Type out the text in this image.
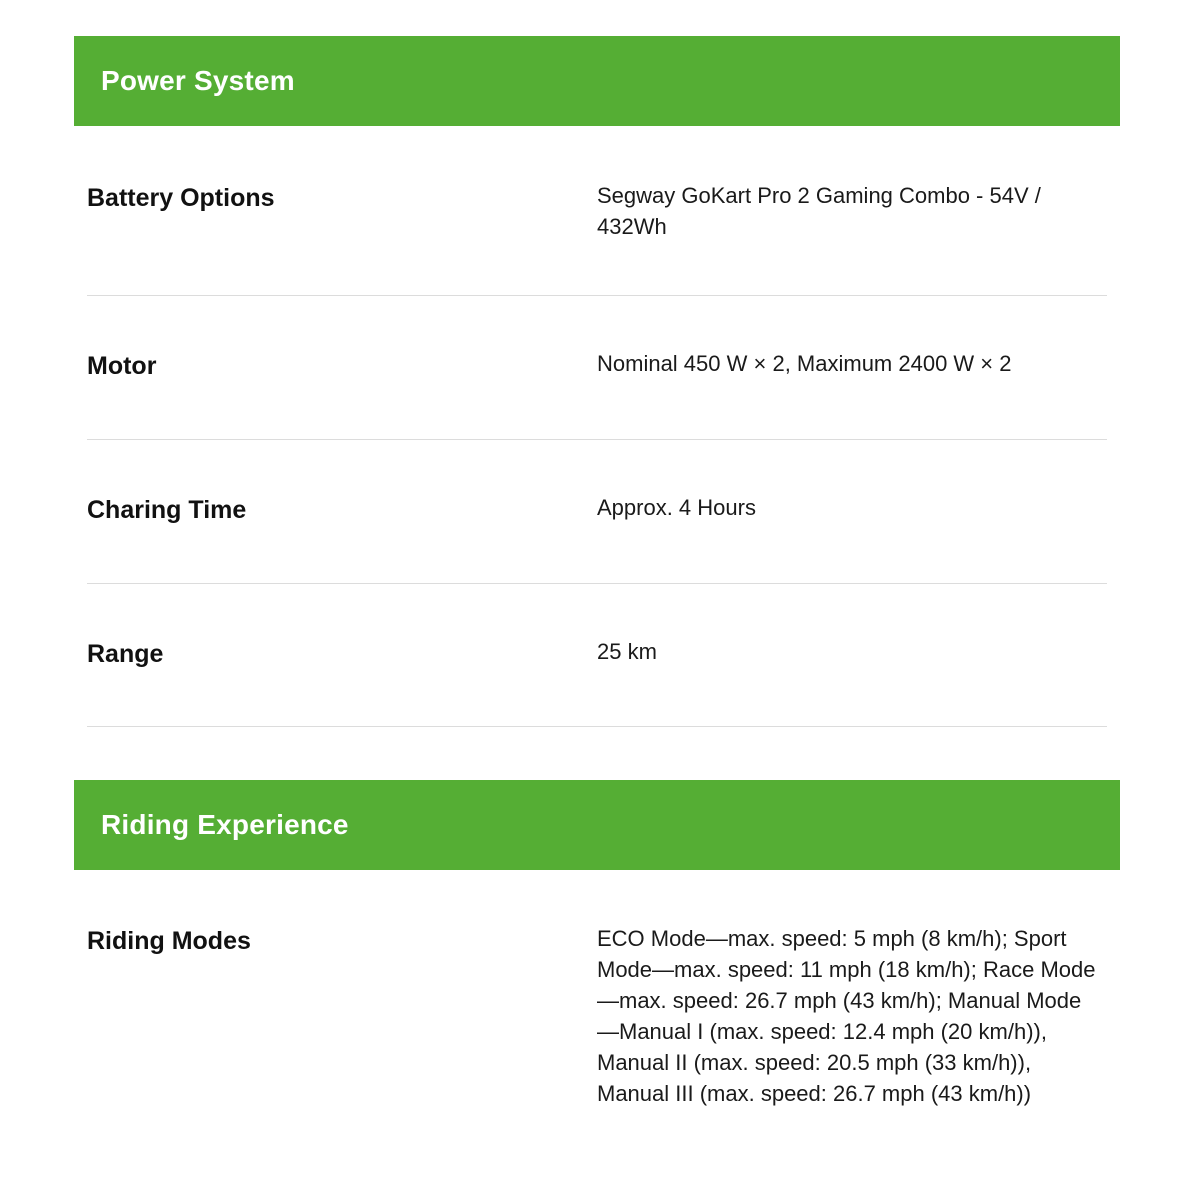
Power System
Battery Options	Segway GoKart Pro 2 Gaming Combo - 54V / 432Wh
Motor	Nominal 450 W × 2, Maximum 2400 W × 2
Charing Time	Approx. 4 Hours
Range	25 km
Riding Experience
Riding Modes	ECO Mode—max. speed: 5 mph (8 km/h); Sport Mode—max. speed: 11 mph (18 km/h); Race Mode—max. speed: 26.7 mph (43 km/h); Manual Mode—Manual I (max. speed: 12.4 mph (20 km/h)), Manual II (max. speed: 20.5 mph (33 km/h)), Manual III (max. speed: 26.7 mph (43 km/h))
